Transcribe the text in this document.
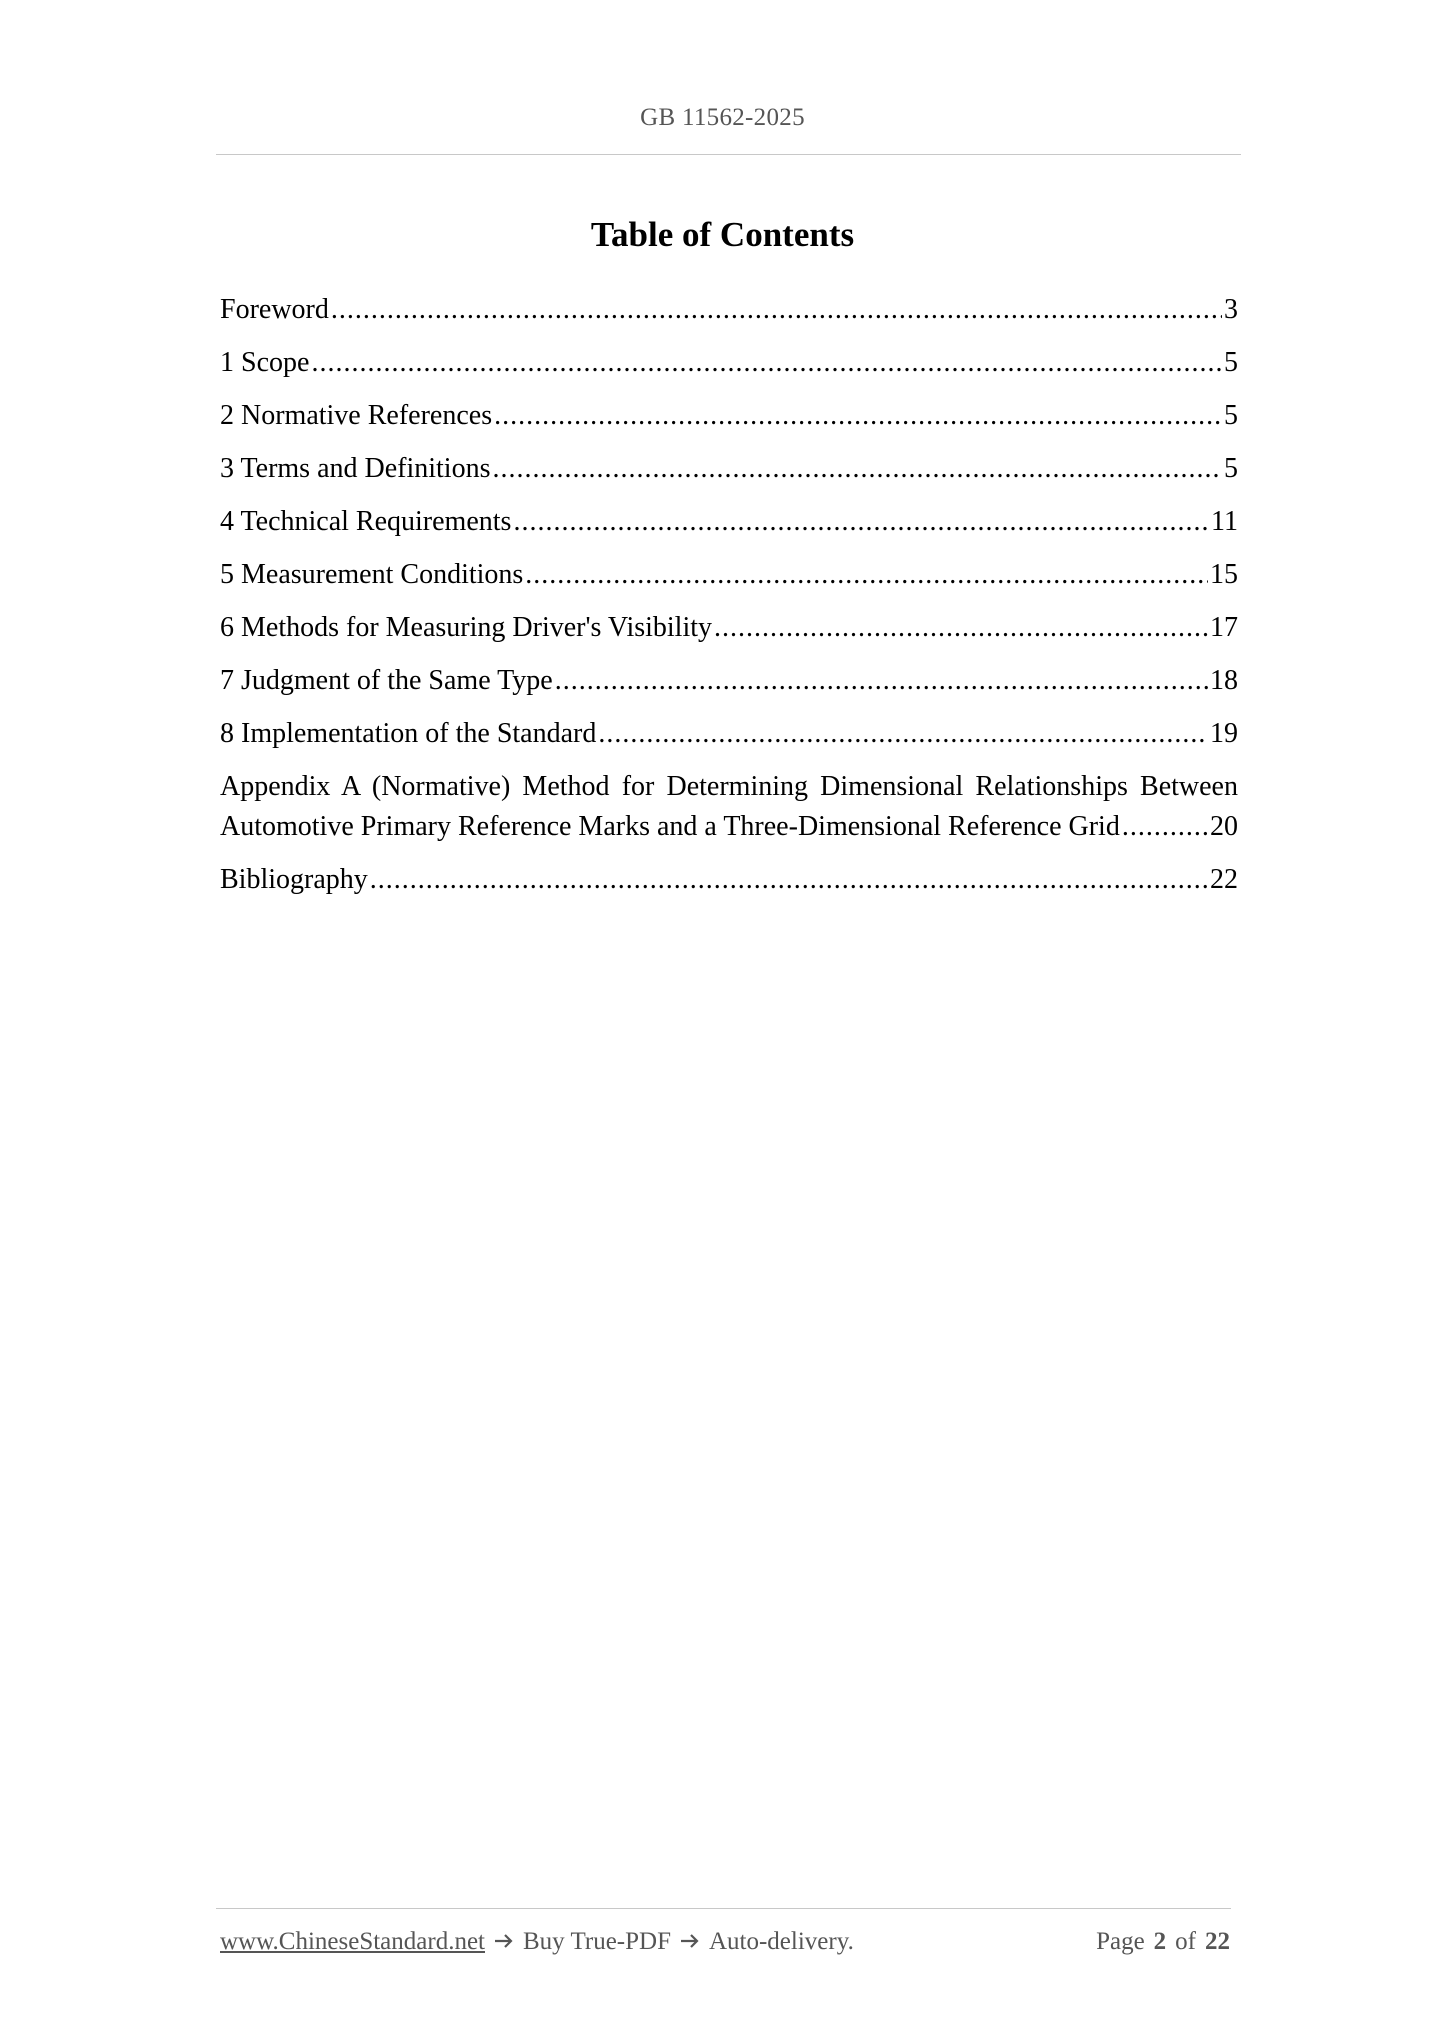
GB 11562-2025
Table of Contents
Foreword .....	3
1 Scope .....	5
2 Normative References .....	5
3 Terms and Definitions .....	5
4 Technical Requirements .....	11
5 Measurement Conditions .....	15
6 Methods for Measuring Driver's Visibility .....	17
7 Judgment of the Same Type .....	18
8 Implementation of the Standard .....	19
Appendix A (Normative) Method for Determining Dimensional Relationships Between
Automotive Primary Reference Marks and a Three-Dimensional Reference Grid .....	20
Bibliography .....	22
www.ChineseStandard.net Buy True-PDF Auto-delivery.	Page 2 of 22
